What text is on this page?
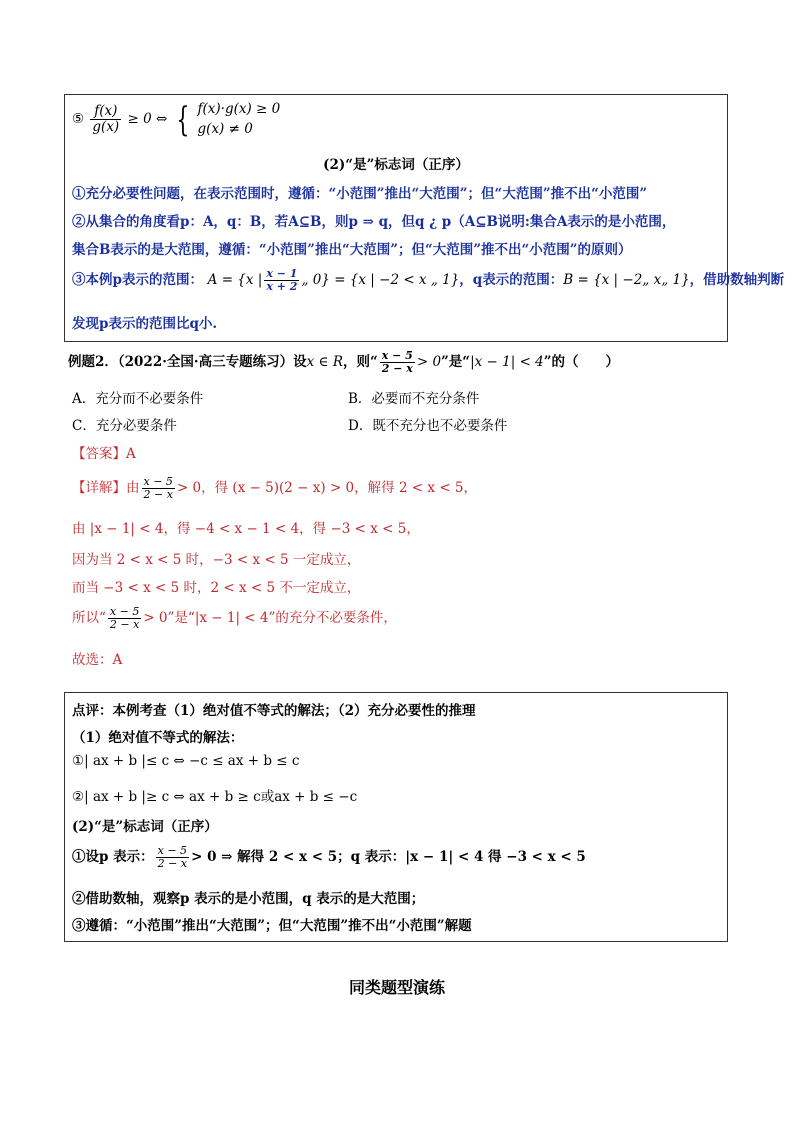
⑤ $\frac{f(x)}{g(x)} \ge 0$ ⇔ { f(x)·g(x) ≥ 0
g(x) ≠ 0
(2)“是”标志词（正序）
①充分必要性问题，在表示范围时，遵循：“小范围”推出“大范围”；但“大范围”推不出“小范围”
②从集合的角度看p：A，q：B，若A⊆B，则p ⇒ q，但q ¿ p（A⊆B说明:集合A表示的是小范围，
集合B表示的是大范围，遵循：“小范围”推出“大范围”；但“大范围”推不出“小范围”的原则）
③本例p表示的范围： A = {x | $\frac{x - 1}{x + 2}$ „ 0} = {x | −2 < x „ 1}，q表示的范围：B = {x | −2„ x„ 1}，借助数轴判断
发现p表示的范围比q小.
例题2．（2022·全国·高三专题练习）设x ∈ R，则“ $\frac{x - 5}{2 - x} > 0$”是“|x − 1| < 4”的（　　）
A．充分而不必要条件	B．必要而不充分条件
C．充分必要条件	D．既不充分也不必要条件
【答案】A
【详解】由 $\frac{x - 5}{2 - x} > 0$，得 (x − 5)(2 − x) > 0，解得 2 < x < 5，
由 |x − 1| < 4，得 −4 < x − 1 < 4，得 −3 < x < 5，
因为当 2 < x < 5 时，−3 < x < 5 一定成立，
而当 −3 < x < 5 时，2 < x < 5 不一定成立，
所以“ $\frac{x - 5}{2 - x} > 0$”是“|x − 1| < 4”的充分不必要条件，
故选：A
点评：本例考查（1）绝对值不等式的解法；（2）充分必要性的推理
（1）绝对值不等式的解法：
①| ax + b |≤ c ⇔ −c ≤ ax + b ≤ c
②| ax + b |≥ c ⇔ ax + b ≥ c或ax + b ≤ −c
(2)“是”标志词（正序）
①设p 表示： $\frac{x - 5}{2 - x} > 0$ ⇒ 解得 2 < x < 5；q 表示：|x − 1| < 4 得 −3 < x < 5
②借助数轴，观察p 表示的是小范围，q 表示的是大范围；
③遵循：“小范围”推出“大范围”；但“大范围”推不出“小范围”解题
同类题型演练
